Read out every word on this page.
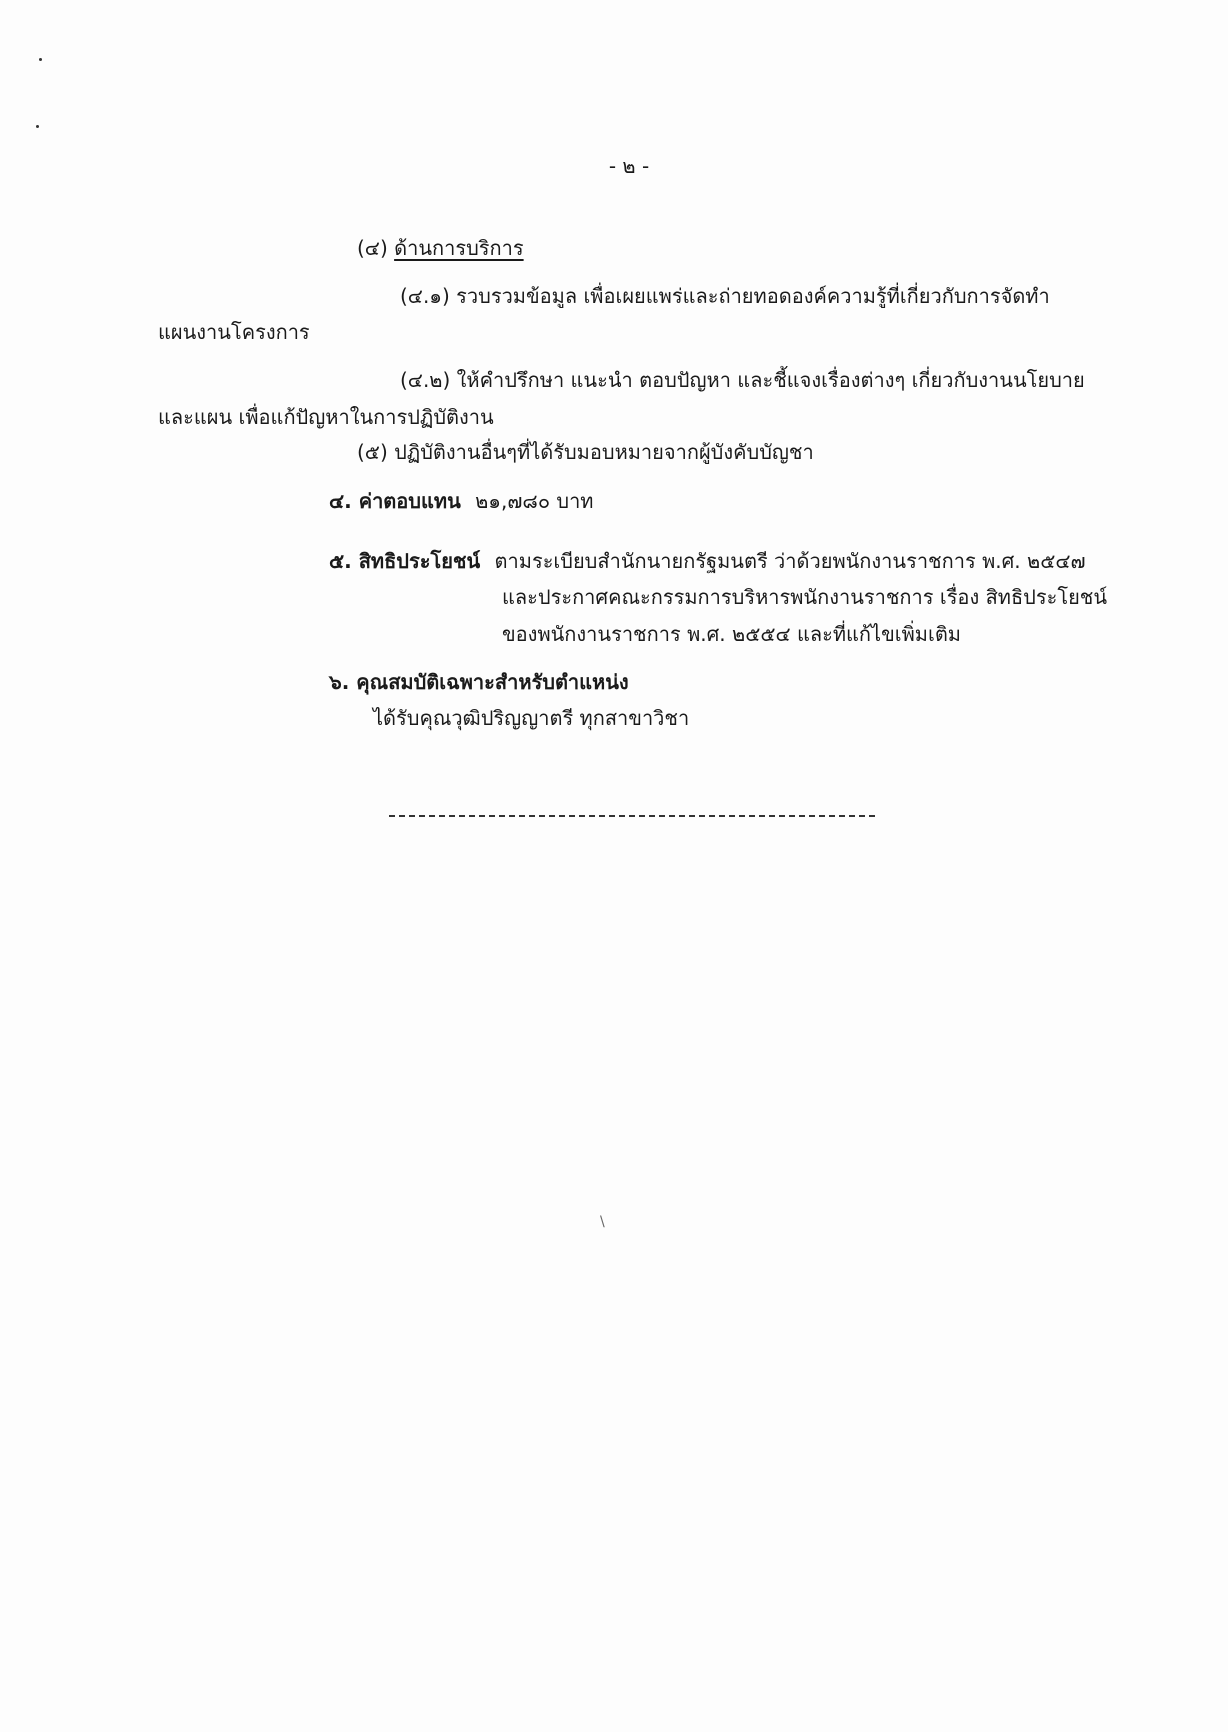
- ๒ -
(๔) ด้านการบริการ
(๔.๑) รวบรวมข้อมูล เพื่อเผยแพร่และถ่ายทอดองค์ความรู้ที่เกี่ยวกับการจัดทำ
แผนงานโครงการ
(๔.๒) ให้คำปรึกษา แนะนำ ตอบปัญหา และชี้แจงเรื่องต่างๆ เกี่ยวกับงานนโยบาย
และแผน เพื่อแก้ปัญหาในการปฏิบัติงาน
(๕) ปฏิบัติงานอื่นๆที่ได้รับมอบหมายจากผู้บังคับบัญชา
๔. ค่าตอบแทน ๒๑,๗๘๐ บาท
๕. สิทธิประโยชน์ ตามระเบียบสำนักนายกรัฐมนตรี ว่าด้วยพนักงานราชการ พ.ศ. ๒๕๔๗
และประกาศคณะกรรมการบริหารพนักงานราชการ เรื่อง สิทธิประโยชน์
ของพนักงานราชการ พ.ศ. ๒๕๕๔ และที่แก้ไขเพิ่มเติม
๖. คุณสมบัติเฉพาะสำหรับตำแหน่ง
ได้รับคุณวุฒิปริญญาตรี ทุกสาขาวิชา
\
